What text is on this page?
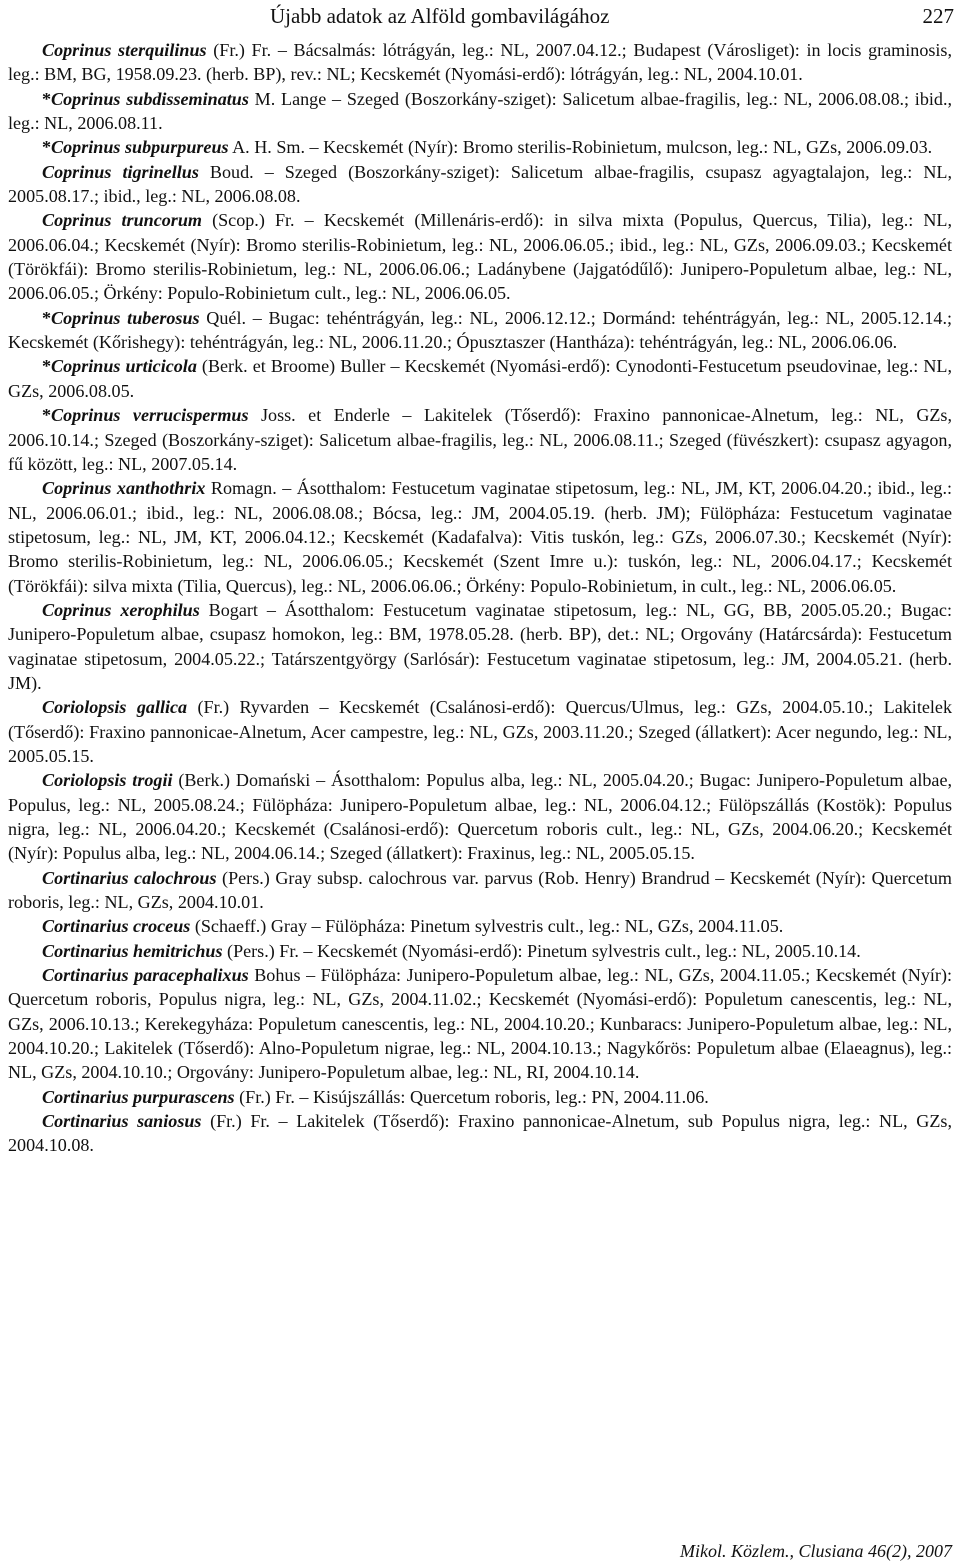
Újabb adatok az Alföld gombavilágához	227

Coprinus sterquilinus (Fr.) Fr. – Bácsalmás: lótrágyán, leg.: NL, 2007.04.12.; Budapest (Városliget): in locis graminosis, leg.: BM, BG, 1958.09.23. (herb. BP), rev.: NL; Kecskemét (Nyomási-erdő): lótrágyán, leg.: NL, 2004.10.01.

*Coprinus subdisseminatus M. Lange – Szeged (Boszorkány-sziget): Salicetum albae-fragilis, leg.: NL, 2006.08.08.; ibid., leg.: NL, 2006.08.11.

*Coprinus subpurpureus A. H. Sm. – Kecskemét (Nyír): Bromo sterilis-Robinietum, mulcson, leg.: NL, GZs, 2006.09.03.

Coprinus tigrinellus Boud. – Szeged (Boszorkány-sziget): Salicetum albae-fragilis, csupasz agyagtalajon, leg.: NL, 2005.08.17.; ibid., leg.: NL, 2006.08.08.

Coprinus truncorum (Scop.) Fr. – Kecskemét (Millenáris-erdő): in silva mixta (Populus, Quercus, Tilia), leg.: NL, 2006.06.04.; Kecskemét (Nyír): Bromo sterilis-Robinietum, leg.: NL, 2006.06.05.; ibid., leg.: NL, GZs, 2006.09.03.; Kecskemét (Törökfái): Bromo sterilis-Robinietum, leg.: NL, 2006.06.06.; Ladánybene (Jajgatódűlő): Junipero-Populetum albae, leg.: NL, 2006.06.05.; Örkény: Populo-Robinietum cult., leg.: NL, 2006.06.05.

*Coprinus tuberosus Quél. – Bugac: tehéntrágyán, leg.: NL, 2006.12.12.; Dormánd: tehéntrágyán, leg.: NL, 2005.12.14.; Kecskemét (Kőrishegy): tehéntrágyán, leg.: NL, 2006.11.20.; Ópusztaszer (Hantháza): tehéntrágyán, leg.: NL, 2006.06.06.

*Coprinus urticicola (Berk. et Broome) Buller – Kecskemét (Nyomási-erdő): Cynodonti-Festucetum pseudovinae, leg.: NL, GZs, 2006.08.05.

*Coprinus verrucispermus Joss. et Enderle – Lakitelek (Tőserdő): Fraxino pannonicae-Alnetum, leg.: NL, GZs, 2006.10.14.; Szeged (Boszorkány-sziget): Salicetum albae-fragilis, leg.: NL, 2006.08.11.; Szeged (füvészkert): csupasz agyagon, fű között, leg.: NL, 2007.05.14.

Coprinus xanthothrix Romagn. – Ásotthalom: Festucetum vaginatae stipetosum, leg.: NL, JM, KT, 2006.04.20.; ibid., leg.: NL, 2006.06.01.; ibid., leg.: NL, 2006.08.08.; Bócsa, leg.: JM, 2004.05.19. (herb. JM); Fülöpháza: Festucetum vaginatae stipetosum, leg.: NL, JM, KT, 2006.04.12.; Kecskemét (Kadafalva): Vitis tuskón, leg.: GZs, 2006.07.30.; Kecskemét (Nyír): Bromo sterilis-Robinietum, leg.: NL, 2006.06.05.; Kecskemét (Szent Imre u.): tuskón, leg.: NL, 2006.04.17.; Kecskemét (Törökfái): silva mixta (Tilia, Quercus), leg.: NL, 2006.06.06.; Örkény: Populo-Robinietum, in cult., leg.: NL, 2006.06.05.

Coprinus xerophilus Bogart – Ásotthalom: Festucetum vaginatae stipetosum, leg.: NL, GG, BB, 2005.05.20.; Bugac: Junipero-Populetum albae, csupasz homokon, leg.: BM, 1978.05.28. (herb. BP), det.: NL; Orgovány (Határcsárda): Festucetum vaginatae stipetosum, 2004.05.22.; Tatárszentgyörgy (Sarlósár): Festucetum vaginatae stipetosum, leg.: JM, 2004.05.21. (herb. JM).

Coriolopsis gallica (Fr.) Ryvarden – Kecskemét (Csalánosi-erdő): Quercus/Ulmus, leg.: GZs, 2004.05.10.; Lakitelek (Tőserdő): Fraxino pannonicae-Alnetum, Acer campestre, leg.: NL, GZs, 2003.11.20.; Szeged (állatkert): Acer negundo, leg.: NL, 2005.05.15.

Coriolopsis trogii (Berk.) Domański – Ásotthalom: Populus alba, leg.: NL, 2005.04.20.; Bugac: Junipero-Populetum albae, Populus, leg.: NL, 2005.08.24.; Fülöpháza: Junipero-Populetum albae, leg.: NL, 2006.04.12.; Fülöpszállás (Kostök): Populus nigra, leg.: NL, 2006.04.20.; Kecskemét (Csalánosi-erdő): Quercetum roboris cult., leg.: NL, GZs, 2004.06.20.; Kecskemét (Nyír): Populus alba, leg.: NL, 2004.06.14.; Szeged (állatkert): Fraxinus, leg.: NL, 2005.05.15.

Cortinarius calochrous (Pers.) Gray subsp. calochrous var. parvus (Rob. Henry) Brandrud – Kecskemét (Nyír): Quercetum roboris, leg.: NL, GZs, 2004.10.01.

Cortinarius croceus (Schaeff.) Gray – Fülöpháza: Pinetum sylvestris cult., leg.: NL, GZs, 2004.11.05.

Cortinarius hemitrichus (Pers.) Fr. – Kecskemét (Nyomási-erdő): Pinetum sylvestris cult., leg.: NL, 2005.10.14.

Cortinarius paracephalixus Bohus – Fülöpháza: Junipero-Populetum albae, leg.: NL, GZs, 2004.11.05.; Kecskemét (Nyír): Quercetum roboris, Populus nigra, leg.: NL, GZs, 2004.11.02.; Kecskemét (Nyomási-erdő): Populetum canescentis, leg.: NL, GZs, 2006.10.13.; Kerekegyháza: Populetum canescentis, leg.: NL, 2004.10.20.; Kunbaracs: Junipero-Populetum albae, leg.: NL, 2004.10.20.; Lakitelek (Tőserdő): Alno-Populetum nigrae, leg.: NL, 2004.10.13.; Nagykőrös: Populetum albae (Elaeagnus), leg.: NL, GZs, 2004.10.10.; Orgovány: Junipero-Populetum albae, leg.: NL, RI, 2004.10.14.

Cortinarius purpurascens (Fr.) Fr. – Kisújszállás: Quercetum roboris, leg.: PN, 2004.11.06.

Cortinarius saniosus (Fr.) Fr. – Lakitelek (Tőserdő): Fraxino pannonicae-Alnetum, sub Populus nigra, leg.: NL, GZs, 2004.10.08.

Mikol. Közlem., Clusiana 46(2), 2007
